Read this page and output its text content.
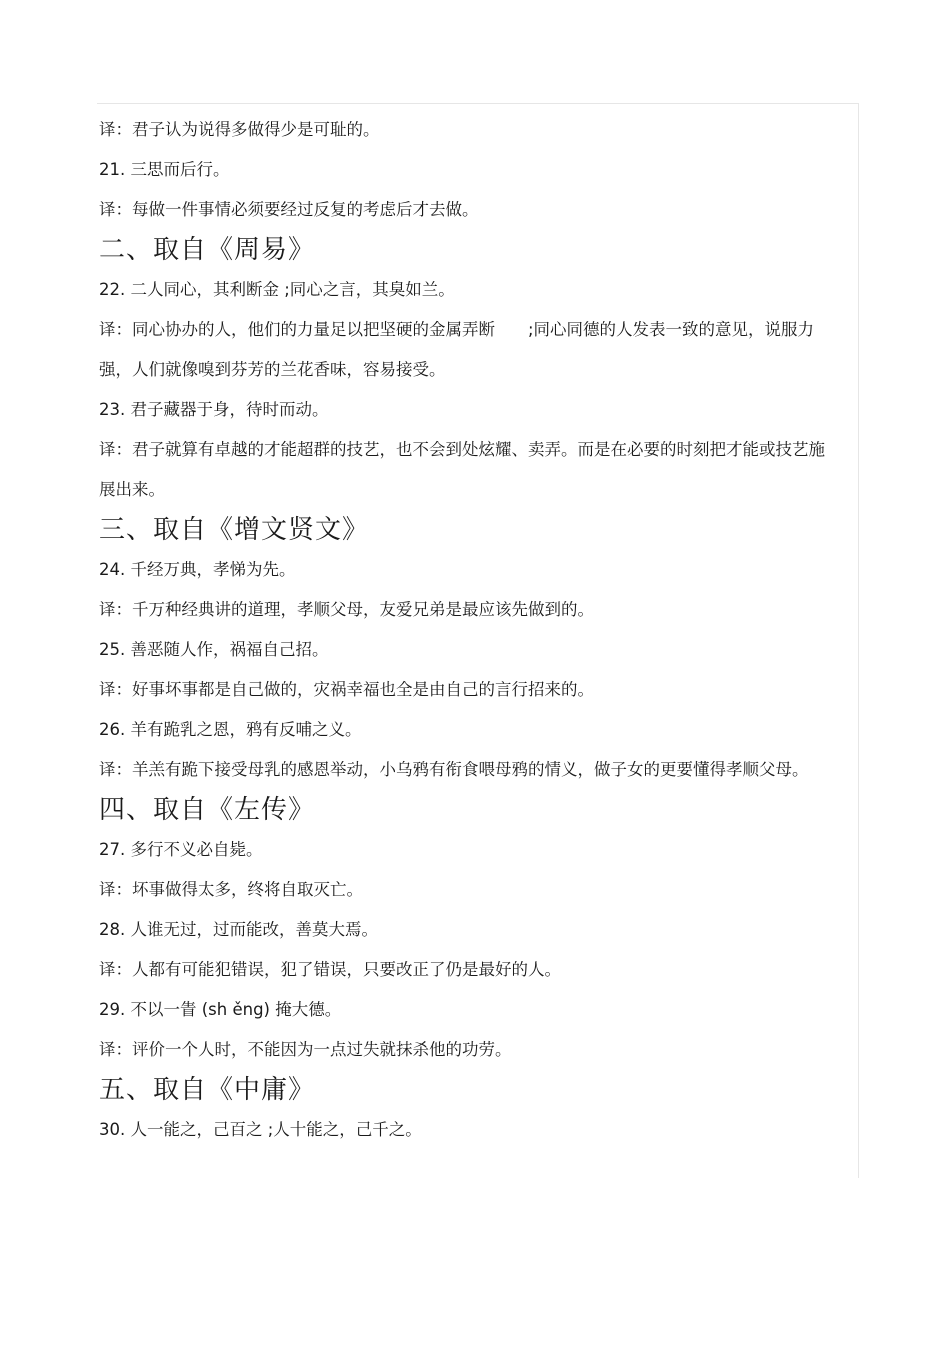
译：君子认为说得多做得少是可耻的。
21. 三思而后行。
译：每做一件事情必须要经过反复的考虑后才去做。
二、取自《周易》
22. 二人同心，其利断金 ;同心之言，其臭如兰。
译：同心协办的人，他们的力量足以把坚硬的金属弄断　　;同心同德的人发表一致的意见，说服力强，人们就像嗅到芬芳的兰花香味，容易接受。
23. 君子藏器于身，待时而动。
译：君子就算有卓越的才能超群的技艺，也不会到处炫耀、卖弄。而是在必要的时刻把才能或技艺施展出来。
三、取自《增文贤文》
24. 千经万典，孝悌为先。
译：千万种经典讲的道理，孝顺父母，友爱兄弟是最应该先做到的。
25. 善恶随人作，祸福自己招。
译：好事坏事都是自己做的，灾祸幸福也全是由自己的言行招来的。
26. 羊有跪乳之恩，鸦有反哺之义。
译：羊羔有跪下接受母乳的感恩举动，小乌鸦有衔食喂母鸦的情义，做子女的更要懂得孝顺父母。
四、取自《左传》
27. 多行不义必自毙。
译：坏事做得太多，终将自取灭亡。
28. 人谁无过，过而能改，善莫大焉。
译：人都有可能犯错误，犯了错误，只要改正了仍是最好的人。
29. 不以一眚 (sh ěng) 掩大德。
译：评价一个人时，不能因为一点过失就抹杀他的功劳。
五、取自《中庸》
30. 人一能之，己百之 ;人十能之，己千之。
